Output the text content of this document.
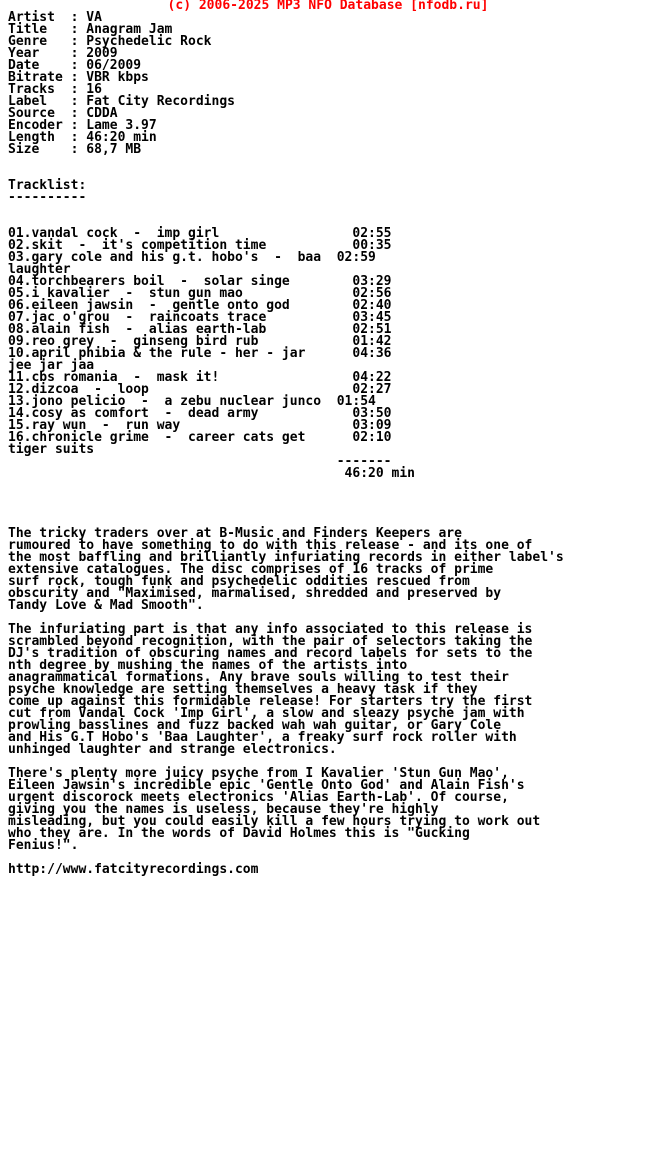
(c) 2006-2025 MP3 NFO Database [nfodb.ru]
Artist  : VA
Title   : Anagram Jam
Genre   : Psychedelic Rock
Year    : 2009
Date    : 06/2009
Bitrate : VBR kbps
Tracks  : 16
Label   : Fat City Recordings
Source  : CDDA
Encoder : Lame 3.97
Length  : 46:20 min
Size    : 68,7 MB

Tracklist:
----------

01.vandal cock  -  imp girl                 02:55
02.skit  -  it's competition time           00:35
03.gary cole and his g.t. hobo's  -  baa  02:59
laughter
04.torchbearers boil  -  solar singe        03:29
05.i kavalier  -  stun gun mao              02:56
06.eileen jawsin  -  gentle onto god        02:40
07.jac o'grou  -  raincoats trace           03:45
08.alain fish  -  alias earth-lab           02:51
09.reo grey  -  ginseng bird rub            01:42
10.april phibia & the rule - her - jar      04:36
jee jar jaa
11.cbs romania  -  mask it!                 04:22
12.dizcoa  -  loop                          02:27
13.jono pelicio  -  a zebu nuclear junco  01:54
14.cosy as comfort  -  dead army            03:50
15.ray wun  -  run way                      03:09
16.chronicle grime  -  career cats get      02:10
tiger suits
-------
46:20 min

The tricky traders over at B-Music and Finders Keepers are
rumoured to have something to do with this release - and its one of
the most baffling and brilliantly infuriating records in either label's
extensive catalogues. The disc comprises of 16 tracks of prime
surf rock, tough funk and psychedelic oddities rescued from
obscurity and "Maximised, marmalised, shredded and preserved by
Tandy Love & Mad Smooth".

The infuriating part is that any info associated to this release is
scrambled beyond recognition, with the pair of selectors taking the
DJ's tradition of obscuring names and record labels for sets to the
nth degree by mushing the names of the artists into
anagrammatical formations. Any brave souls willing to test their
psyche knowledge are setting themselves a heavy task if they
come up against this formidable release! For starters try the first
cut from Vandal Cock 'Imp Girl', a slow and sleazy psyche jam with
prowling basslines and fuzz backed wah wah guitar, or Gary Cole
and His G.T Hobo's 'Baa Laughter', a freaky surf rock roller with
unhinged laughter and strange electronics.

There's plenty more juicy psyche from I Kavalier 'Stun Gun Mao',
Eileen Jawsin's incredible epic 'Gentle Onto God' and Alain Fish's
urgent discorock meets electronics 'Alias Earth-Lab'. Of course,
giving you the names is useless, because they're highly
misleading, but you could easily kill a few hours trying to work out
who they are. In the words of David Holmes this is "Gucking
Fenius!".

http://www.fatcityrecordings.com
